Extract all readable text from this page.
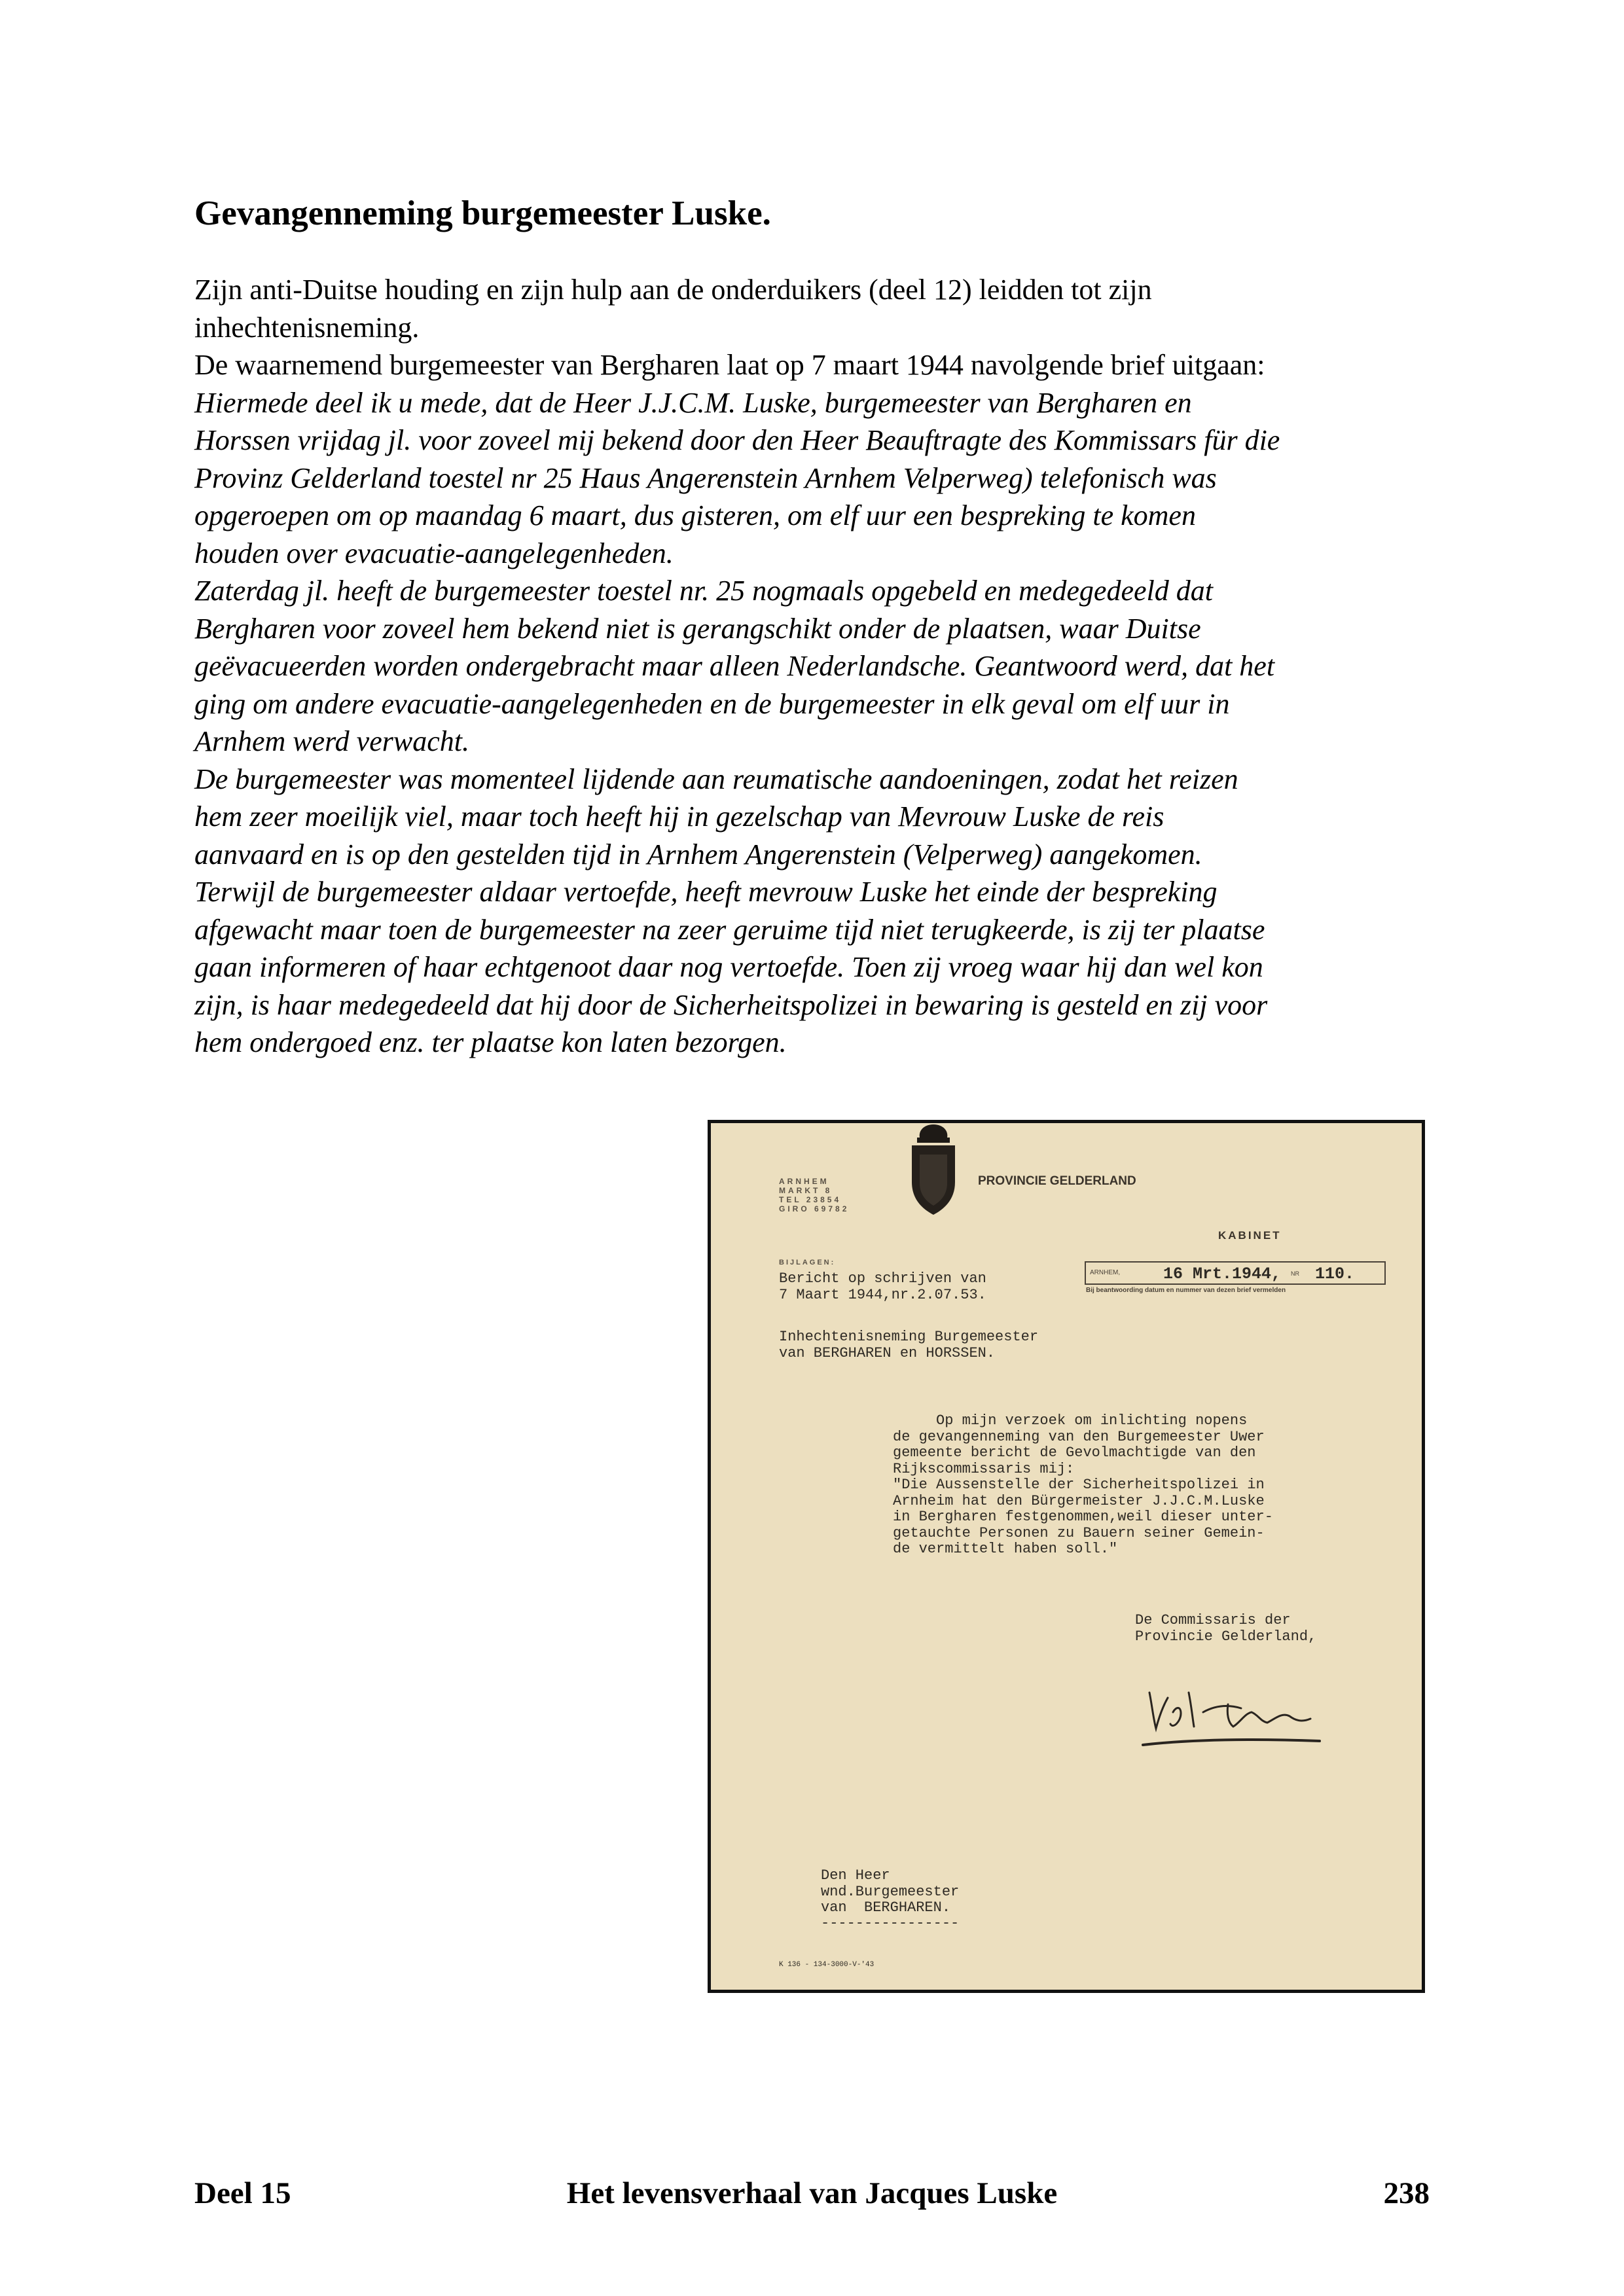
Gevangenneming burgemeester Luske.

Zijn anti-Duitse houding en zijn hulp aan de onderduikers (deel 12) leidden tot zijn

inhechtenisneming.

De waarnemend burgemeester van Bergharen laat op 7 maart 1944 navolgende brief uitgaan:

Hiermede deel ik u mede, dat de Heer J.J.C.M. Luske, burgemeester van Bergharen en

Horssen vrijdag jl. voor zoveel mij bekend door den Heer Beauftragte des Kommissars für die

Provinz Gelderland toestel nr 25 Haus Angerenstein Arnhem Velperweg) telefonisch was

opgeroepen om op maandag 6 maart, dus gisteren, om elf uur een bespreking te komen

houden over evacuatie-aangelegenheden.

Zaterdag jl. heeft de burgemeester toestel nr. 25 nogmaals opgebeld en medegedeeld dat

Bergharen voor zoveel hem bekend niet is gerangschikt onder de plaatsen, waar Duitse

geëvacueerden worden ondergebracht maar alleen Nederlandsche. Geantwoord werd, dat het

ging om andere evacuatie-aangelegenheden en de burgemeester in elk geval om elf uur in

Arnhem werd verwacht.

De burgemeester was momenteel lijdende aan reumatische aandoeningen, zodat het reizen

hem zeer moeilijk viel, maar toch heeft hij in gezelschap van Mevrouw Luske de reis

aanvaard en is op den gestelden tijd in Arnhem Angerenstein (Velperweg) aangekomen.

Terwijl de burgemeester aldaar vertoefde, heeft mevrouw Luske het einde der bespreking

afgewacht maar toen de burgemeester na zeer geruime tijd niet terugkeerde, is zij ter plaatse

gaan informeren of haar echtgenoot daar nog vertoefde. Toen zij vroeg waar hij dan wel kon

zijn, is haar medegedeeld dat hij door de Sicherheitspolizei in bewaring is gesteld en zij voor

hem ondergoed enz. ter plaatse kon laten bezorgen.

ARNHEM
MARKT 8
TEL 23854
GIRO 69782
PROVINCIE GELDERLAND
KABINET
BIJLAGEN:
Bericht op schrijven van
7 Maart 1944,nr.2.07.53.
ARNHEM,	16 Mrt.1944, NR 110.
Bij beantwoording datum en nummer van dezen brief vermelden
Inhechtenisneming Burgemeester
van BERGHAREN en HORSSEN.
Op mijn verzoek om inlichting nopens
de gevangenneming van den Burgemeester Uwer
gemeente bericht de Gevolmachtigde van den
Rijkscommissaris mij:
"Die Aussenstelle der Sicherheitspolizei in
Arnheim hat den Bürgermeister J.J.C.M.Luske
in Bergharen festgenommen,weil dieser unter-
getauchte Personen zu Bauern seiner Gemein-
de vermittelt haben soll."
De Commissaris der
Provincie Gelderland,
Den Heer
wnd.Burgemeester
van  BERGHAREN.
----------------
K 136 - 134-3000-V-'43
Het levensverhaal van Jacques Luske
Deel 15	238
